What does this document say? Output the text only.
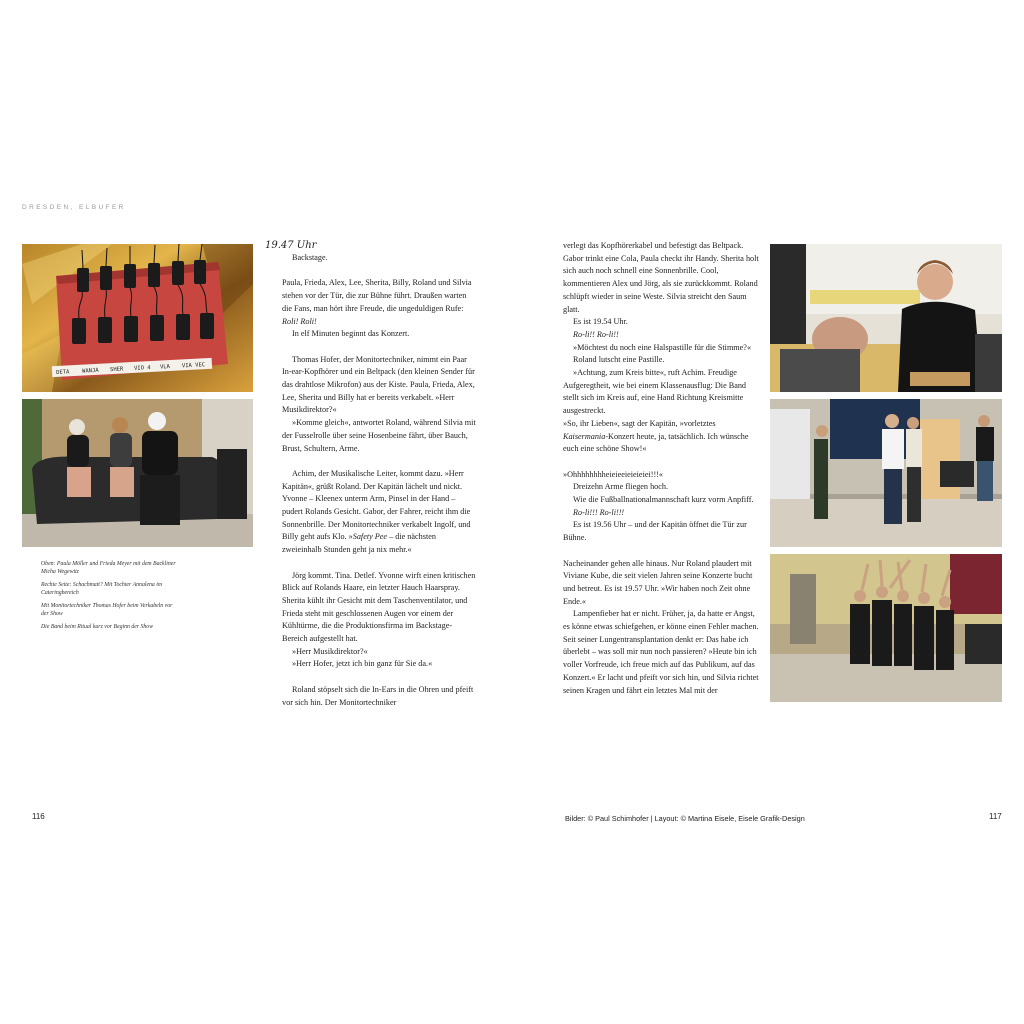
DRESDEN, ELBUFER
DETA WANJA SHER VIO 4 VLA VIA VEC

Oben: Paula Möller und Frieda Meyer mit dem Backliner Micha Wegewitz

Rechte Seite: Schachmatt? Mit Tochter Annalena im Cateringbereich

Mit Monitortechniker Thomas Hofer beim Verkabeln vor der Show

Die Band beim Ritual kurz vor Beginn der Show

19.47 Uhr

Backstage.

Paula, Frieda, Alex, Lee, Sherita, Billy, Roland und Silvia stehen vor der Tür, die zur Bühne führt. Draußen warten die Fans, man hört ihre Freude, die ungeduldigen Rufe: Roli! Roli!

In elf Minuten beginnt das Konzert.

Thomas Hofer, der Monitortechniker, nimmt ein Paar In-ear-Kopfhörer und ein Beltpack (den kleinen Sender für das drahtlose Mikrofon) aus der Kiste. Paula, Frieda, Alex, Lee, Sherita und Billy hat er bereits verkabelt. »Herr Musikdirektor?«

»Komme gleich«, antwortet Roland, während Silvia mit der Fusselrolle über seine Hosenbeine fährt, über Bauch, Brust, Schultern, Arme.

Achim, der Musikalische Leiter, kommt dazu. »Herr Kapitän«, grüßt Roland. Der Kapitän lächelt und nickt. Yvonne – Kleenex unterm Arm, Pinsel in der Hand – pudert Rolands Gesicht. Gabor, der Fahrer, reicht ihm die Sonnenbrille. Der Monitortechniker verkabelt Ingolf, und Billy geht aufs Klo. »Safety Pee – die nächsten zweieinhalb Stunden geht ja nix mehr.«

Jörg kommt. Tina. Detlef. Yvonne wirft einen kritischen Blick auf Rolands Haare, ein letzter Hauch Haarspray. Sherita kühlt ihr Gesicht mit dem Taschenventilator, und Frieda steht mit geschlossenen Augen vor einem der Kühltürme, die die Produktionsfirma im Backstage-Bereich aufgestellt hat.

»Herr Musikdirektor?«

»Herr Hofer, jetzt ich bin ganz für Sie da.«

Roland stöpselt sich die In-Ears in die Ohren und pfeift vor sich hin. Der Monitortechniker

verlegt das Kopfhörerkabel und befestigt das Beltpack. Gabor trinkt eine Cola, Paula checkt ihr Handy. Sherita holt sich auch noch schnell eine Sonnenbrille. Cool, kommentieren Alex und Jörg, als sie zurückkommt. Roland schlüpft wieder in seine Weste. Silvia streicht den Saum glatt.

Es ist 19.54 Uhr.

Ro-li!! Ro-li!!

»Möchtest du noch eine Halspastille für die Stimme?«

Roland lutscht eine Pastille.

»Achtung, zum Kreis bitte«, ruft Achim. Freudige Aufgeregtheit, wie bei einem Klassenausflug: Die Band stellt sich im Kreis auf, eine Hand Richtung Kreismitte ausgestreckt.

»So, ihr Lieben«, sagt der Kapitän, »vorletztes Kaisermania-Konzert heute, ja, tatsächlich. Ich wünsche euch eine schöne Show!«

»Ohhhhhhhheieieeieieieiei!!!«

Dreizehn Arme fliegen hoch.

Wie die Fußballnationalmannschaft kurz vorm Anpfiff.

Ro-li!!! Ro-li!!!

Es ist 19.56 Uhr – und der Kapitän öffnet die Tür zur Bühne.

Nacheinander gehen alle hinaus. Nur Roland plaudert mit Viviane Kube, die seit vielen Jahren seine Konzerte bucht und betreut. Es ist 19.57 Uhr. »Wir haben noch Zeit ohne Ende.«

Lampenfieber hat er nicht. Früher, ja, da hatte er Angst, es könne etwas schiefgehen, er könne einen Fehler machen. Seit seiner Lungentransplantation denkt er: Das habe ich überlebt – was soll mir nun noch passieren? »Heute bin ich voller Vorfreude, ich freue mich auf das Publikum, auf das Konzert.« Er lacht und pfeift vor sich hin, und Silvia richtet seinen Kragen und fährt ein letztes Mal mit der

116	Bilder: © Paul Schimhofer | Layout: © Martina Eisele, Eisele Grafik-Design	117
